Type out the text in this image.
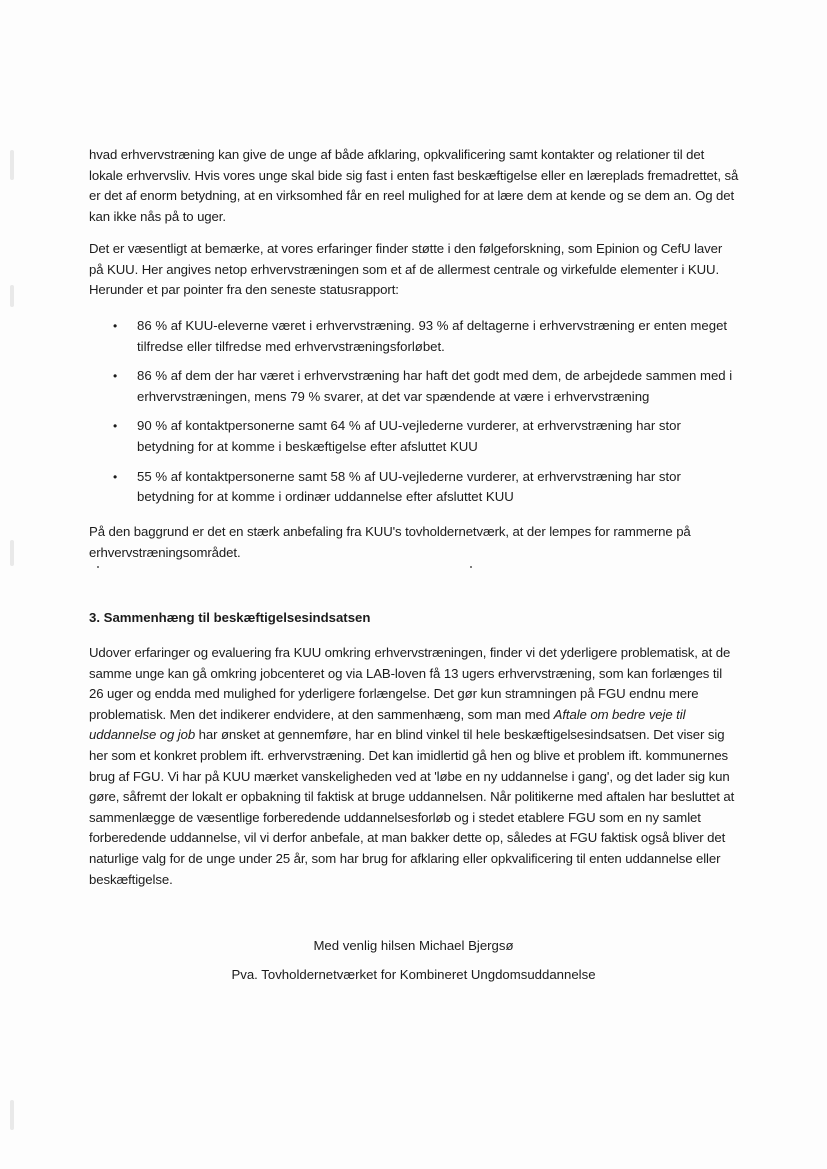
hvad erhvervstræning kan give de unge af både afklaring, opkvalificering samt kontakter og relationer til det lokale erhvervsliv. Hvis vores unge skal bide sig fast i enten fast beskæftigelse eller en læreplads fremadrettet, så er det af enorm betydning, at en virksomhed får en reel mulighed for at lære dem at kende og se dem an. Og det kan ikke nås på to uger.

Det er væsentligt at bemærke, at vores erfaringer finder støtte i den følgeforskning, som Epinion og CefU laver på KUU. Her angives netop erhvervstræningen som et af de allermest centrale og virkefulde elementer i KUU. Herunder et par pointer fra den seneste statusrapport:

• 86 % af KUU-eleverne været i erhvervstræning. 93 % af deltagerne i erhvervstræning er enten meget tilfredse eller tilfredse med erhvervstræningsforløbet.
• 86 % af dem der har været i erhvervstræning har haft det godt med dem, de arbejdede sammen med i erhvervstræningen, mens 79 % svarer, at det var spændende at være i erhvervstræning
• 90 % af kontaktpersonerne samt 64 % af UU-vejlederne vurderer, at erhvervstræning har stor betydning for at komme i beskæftigelse efter afsluttet KUU
• 55 % af kontaktpersonerne samt 58 % af UU-vejlederne vurderer, at erhvervstræning har stor betydning for at komme i ordinær uddannelse efter afsluttet KUU

På den baggrund er det en stærk anbefaling fra KUU's tovholdernetværk, at der lempes for rammerne på erhvervstræningsområdet.

3. Sammenhæng til beskæftigelsesindsatsen

Udover erfaringer og evaluering fra KUU omkring erhvervstræningen, finder vi det yderligere problematisk, at de samme unge kan gå omkring jobcenteret og via LAB-loven få 13 ugers erhvervstræning, som kan forlænges til 26 uger og endda med mulighed for yderligere forlængelse. Det gør kun stramningen på FGU endnu mere problematisk. Men det indikerer endvidere, at den sammenhæng, som man med Aftale om bedre veje til uddannelse og job har ønsket at gennemføre, har en blind vinkel til hele beskæftigelsesindsatsen. Det viser sig her som et konkret problem ift. erhvervstræning. Det kan imidlertid gå hen og blive et problem ift. kommunernes brug af FGU. Vi har på KUU mærket vanskeligheden ved at 'løbe en ny uddannelse i gang', og det lader sig kun gøre, såfremt der lokalt er opbakning til faktisk at bruge uddannelsen. Når politikerne med aftalen har besluttet at sammenlægge de væsentlige forberedende uddannelsesforløb og i stedet etablere FGU som en ny samlet forberedende uddannelse, vil vi derfor anbefale, at man bakker dette op, således at FGU faktisk også bliver det naturlige valg for de unge under 25 år, som har brug for afklaring eller opkvalificering til enten uddannelse eller beskæftigelse.

Med venlig hilsen Michael Bjergsø
Pva. Tovholdernetværket for Kombineret Ungdomsuddannelse
